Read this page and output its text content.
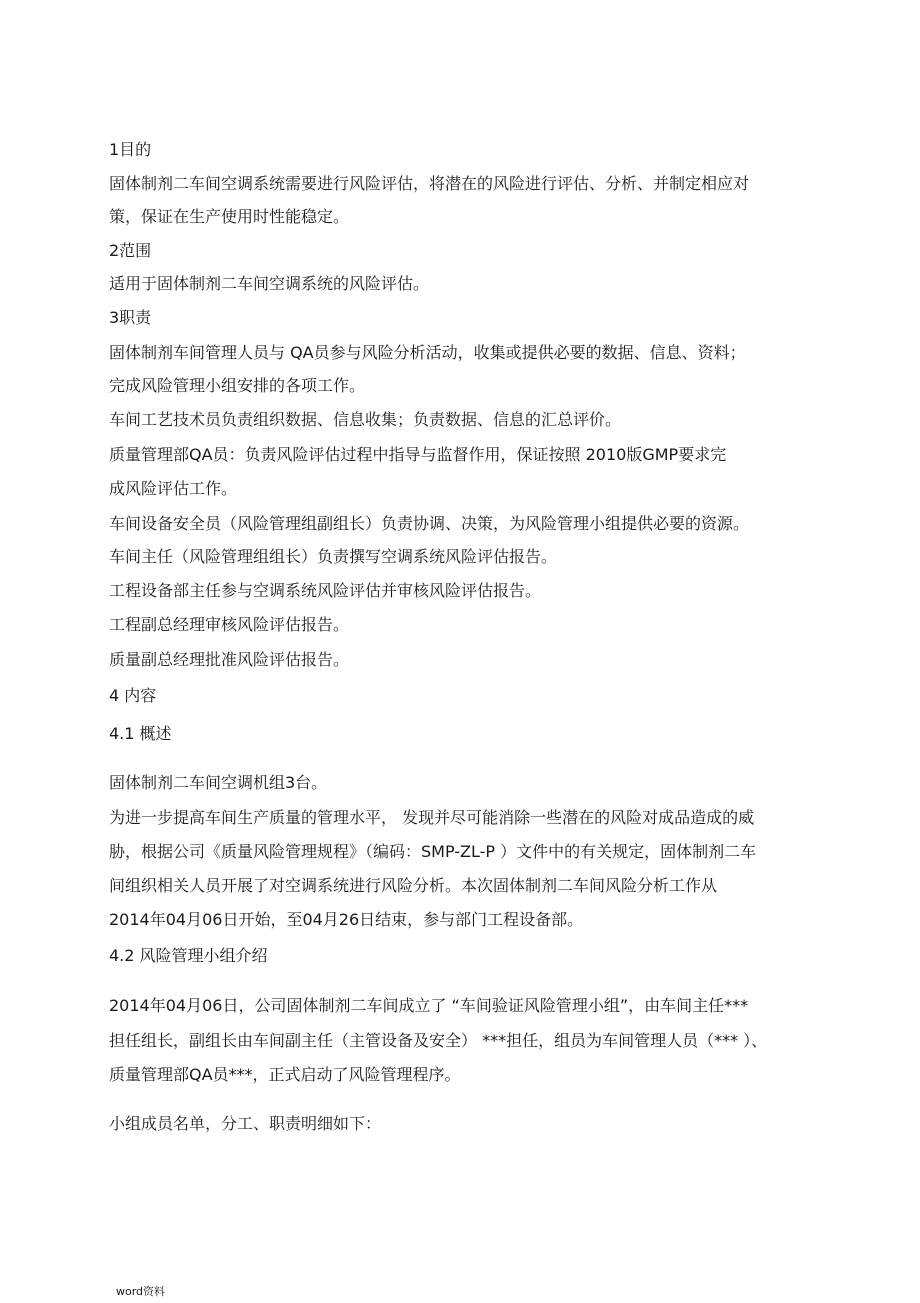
1目的
固体制剂二车间空调系统需要进行风险评估，将潜在的风险进行评估、分析、并制定相应对
策，保证在生产使用时性能稳定。
2范围
适用于固体制剂二车间空调系统的风险评估。
3职责
固体制剂车间管理人员与 QA员参与风险分析活动，收集或提供必要的数据、信息、资料；
完成风险管理小组安排的各项工作。
车间工艺技术员负责组织数据、信息收集；负责数据、信息的汇总评价。
质量管理部QA员：负责风险评估过程中指导与监督作用，保证按照 2010版GMP要求完
成风险评估工作。
车间设备安全员（风险管理组副组长）负责协调、决策，为风险管理小组提供必要的资源。
车间主任（风险管理组组长）负责撰写空调系统风险评估报告。
工程设备部主任参与空调系统风险评估并审核风险评估报告。
工程副总经理审核风险评估报告。
质量副总经理批准风险评估报告。
4 内容
4.1 概述
固体制剂二车间空调机组3台。
为进一步提高车间生产质量的管理水平， 发现并尽可能消除一些潜在的风险对成品造成的威
胁，根据公司《质量风险管理规程》（编码：SMP-ZL-P ）文件中的有关规定，固体制剂二车
间组织相关人员开展了对空调系统进行风险分析。本次固体制剂二车间风险分析工作从
2014年04月06日开始，至04月26日结束，参与部门工程设备部。
4.2 风险管理小组介绍
2014年04月06日，公司固体制剂二车间成立了 “车间验证风险管理小组”，由车间主任***
担任组长，副组长由车间副主任（主管设备及安全） ***担任，组员为车间管理人员（*** ）、
质量管理部QA员***，正式启动了风险管理程序。
小组成员名单，分工、职责明细如下：
word资料
